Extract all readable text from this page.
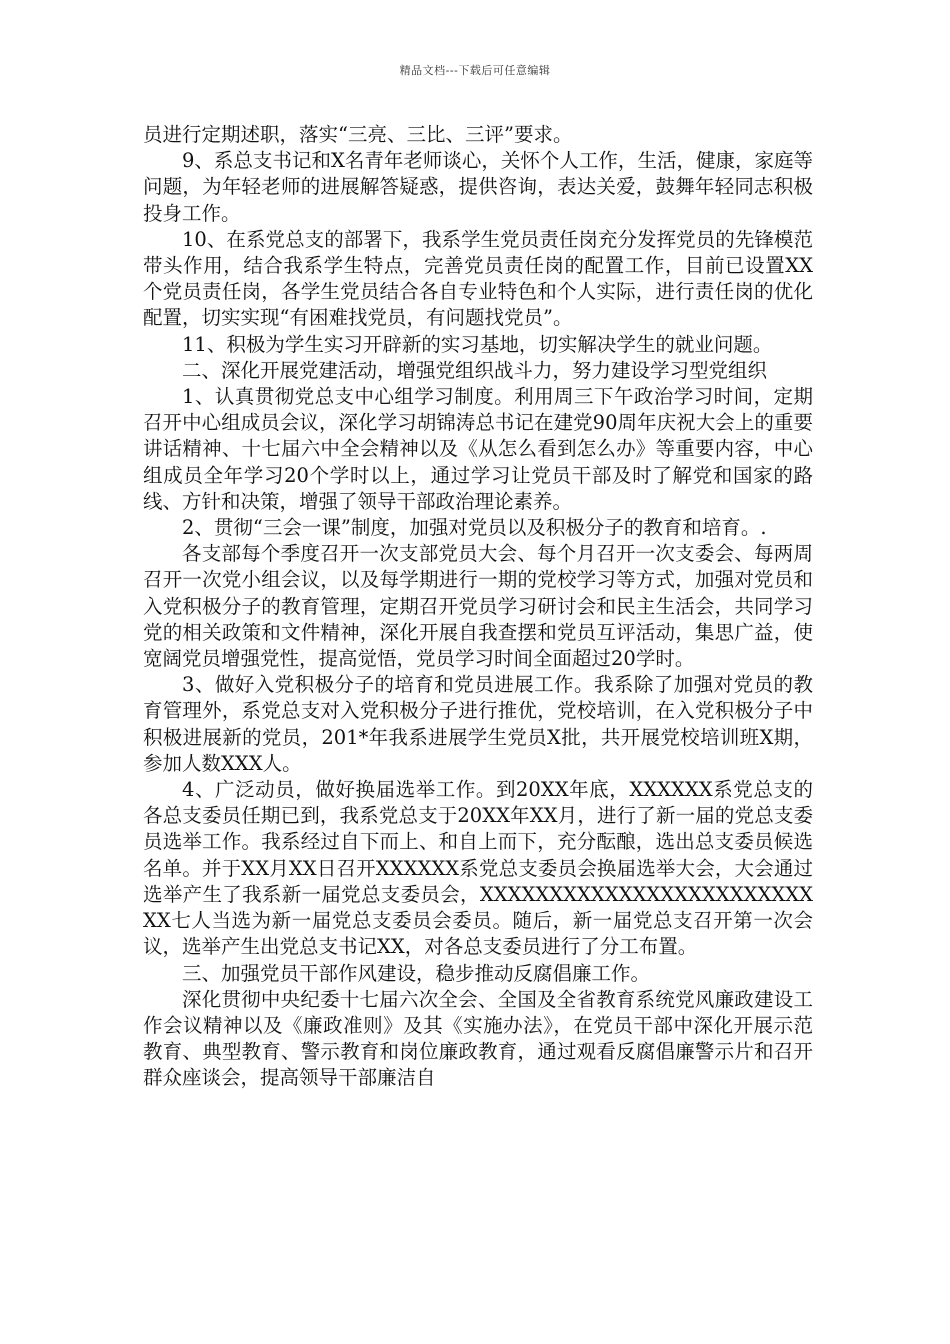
精品文档---下载后可任意编辑

员进行定期述职，落实“三亮、三比、三评”要求。

9、系总支书记和X名青年老师谈心，关怀个人工作，生活，健康，家庭等问题，为年轻老师的进展解答疑惑，提供咨询，表达关爱，鼓舞年轻同志积极投身工作。

10、在系党总支的部署下，我系学生党员责任岗充分发挥党员的先锋模范带头作用，结合我系学生特点，完善党员责任岗的配置工作，目前已设置XX个党员责任岗，各学生党员结合各自专业特色和个人实际，进行责任岗的优化配置，切实实现“有困难找党员，有问题找党员”。

11、积极为学生实习开辟新的实习基地，切实解决学生的就业问题。

二、深化开展党建活动，增强党组织战斗力，努力建设学习型党组织

1、认真贯彻党总支中心组学习制度。利用周三下午政治学习时间，定期召开中心组成员会议，深化学习胡锦涛总书记在建党90周年庆祝大会上的重要讲话精神、十七届六中全会精神以及《从怎么看到怎么办》等重要内容，中心组成员全年学习20个学时以上，通过学习让党员干部及时了解党和国家的路线、方针和决策，增强了领导干部政治理论素养。

2、贯彻“三会一课”制度，加强对党员以及积极分子的教育和培育。.

各支部每个季度召开一次支部党员大会、每个月召开一次支委会、每两周召开一次党小组会议，以及每学期进行一期的党校学习等方式，加强对党员和入党积极分子的教育管理，定期召开党员学习研讨会和民主生活会，共同学习党的相关政策和文件精神，深化开展自我查摆和党员互评活动，集思广益，使宽阔党员增强党性，提高觉悟，党员学习时间全面超过20学时。

3、做好入党积极分子的培育和党员进展工作。我系除了加强对党员的教育管理外，系党总支对入党积极分子进行推优，党校培训，在入党积极分子中积极进展新的党员，201*年我系进展学生党员X批，共开展党校培训班X期，参加人数XXX人。

4、广泛动员，做好换届选举工作。到20XX年底，XXXXXX系党总支的各总支委员任期已到，我系党总支于20XX年XX月，进行了新一届的党总支委员选举工作。我系经过自下而上、和自上而下，充分酝酿，选出总支委员候选名单。并于XX月XX日召开XXXXXX系党总支委员会换届选举大会，大会通过选举产生了我系新一届党总支委员会，XXXXXXXXXXXXXXXXXXXXXXXXXX七人当选为新一届党总支委员会委员。随后，新一届党总支召开第一次会议，选举产生出党总支书记XX，对各总支委员进行了分工布置。

三、加强党员干部作风建设，稳步推动反腐倡廉工作。

深化贯彻中央纪委十七届六次全会、全国及全省教育系统党风廉政建设工作会议精神以及《廉政准则》及其《实施办法》，在党员干部中深化开展示范教育、典型教育、警示教育和岗位廉政教育，通过观看反腐倡廉警示片和召开群众座谈会，提高领导干部廉洁自
